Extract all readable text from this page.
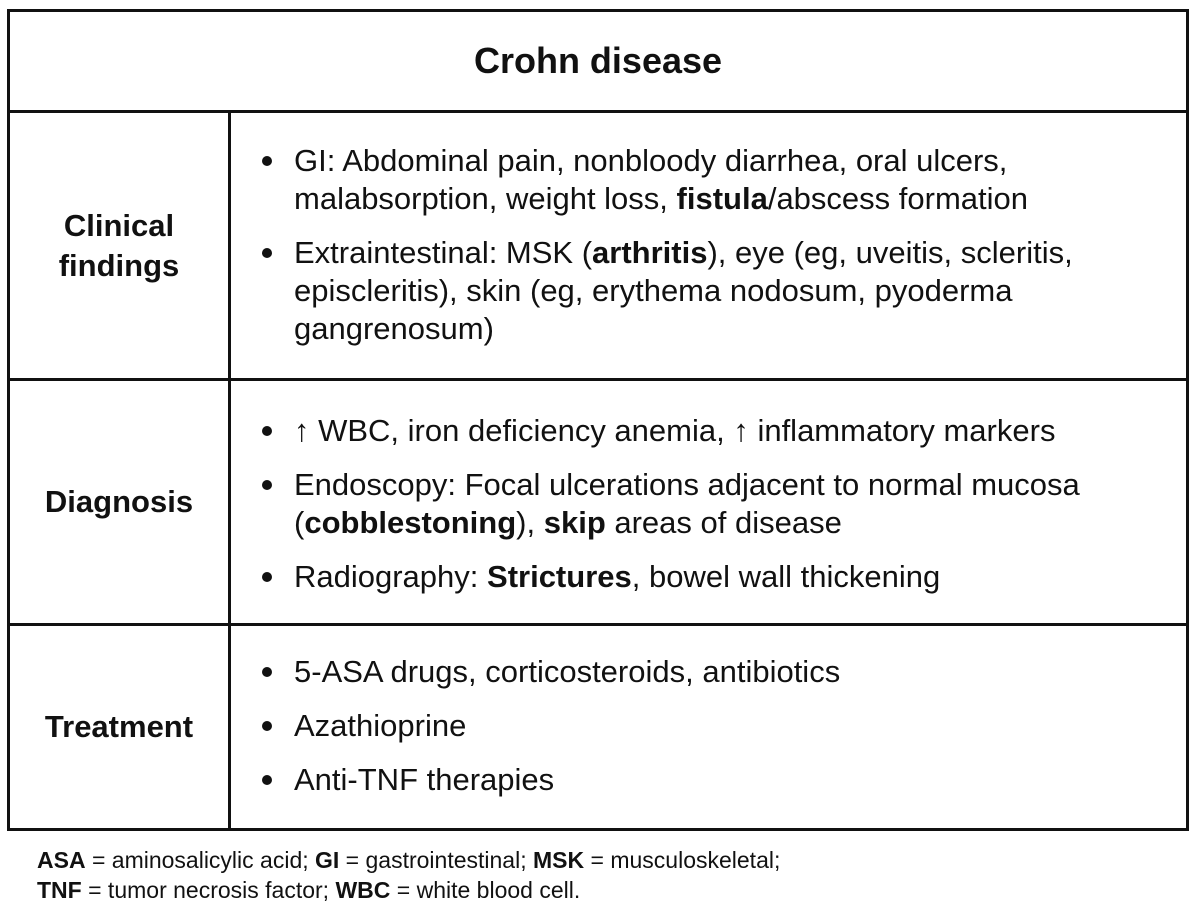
Crohn disease
Clinical
findings
GI: Abdominal pain, nonbloody diarrhea, oral ulcers,
malabsorption, weight loss, fistula/abscess formation
Extraintestinal: MSK (arthritis), eye (eg, uveitis, scleritis,
episcleritis), skin (eg, erythema nodosum, pyoderma
gangrenosum)
Diagnosis
↑ WBC, iron deficiency anemia, ↑ inflammatory markers
Endoscopy: Focal ulcerations adjacent to normal mucosa
(cobblestoning), skip areas of disease
Radiography: Strictures, bowel wall thickening
Treatment
5-ASA drugs, corticosteroids, antibiotics
Azathioprine
Anti-TNF therapies
ASA = aminosalicylic acid; GI = gastrointestinal; MSK = musculoskeletal;
TNF = tumor necrosis factor; WBC = white blood cell.
